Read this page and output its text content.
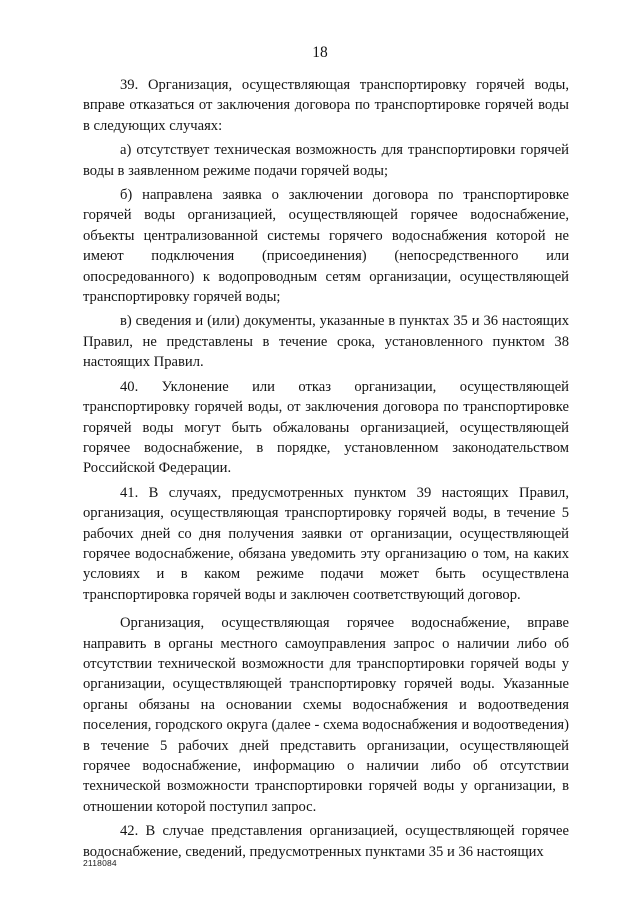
18

39. Организация, осуществляющая транспортировку горячей воды, вправе отказаться от заключения договора по транспортировке горячей воды в следующих случаях:

а) отсутствует техническая возможность для транспортировки горячей воды в заявленном режиме подачи горячей воды;

б) направлена заявка о заключении договора по транспортировке горячей воды организацией, осуществляющей горячее водоснабжение, объекты централизованной системы горячего водоснабжения которой не имеют подключения (присоединения) (непосредственного или опосредованного) к водопроводным сетям организации, осуществляющей транспортировку горячей воды;

в) сведения и (или) документы, указанные в пунктах 35 и 36 настоящих Правил, не представлены в течение срока, установленного пунктом 38 настоящих Правил.

40. Уклонение или отказ организации, осуществляющей транспортировку горячей воды, от заключения договора по транспортировке горячей воды могут быть обжалованы организацией, осуществляющей горячее водоснабжение, в порядке, установленном законодательством Российской Федерации.

41. В случаях, предусмотренных пунктом 39 настоящих Правил, организация, осуществляющая транспортировку горячей воды, в течение 5 рабочих дней со дня получения заявки от организации, осуществляющей горячее водоснабжение, обязана уведомить эту организацию о том, на каких условиях и в каком режиме подачи может быть осуществлена транспортировка горячей воды и заключен соответствующий договор.

Организация, осуществляющая горячее водоснабжение, вправе направить в органы местного самоуправления запрос о наличии либо об отсутствии технической возможности для транспортировки горячей воды у организации, осуществляющей транспортировку горячей воды. Указанные органы обязаны на основании схемы водоснабжения и водоотведения поселения, городского округа (далее - схема водоснабжения и водоотведения) в течение 5 рабочих дней представить организации, осуществляющей горячее водоснабжение, информацию о наличии либо об отсутствии технической возможности транспортировки горячей воды у организации, в отношении которой поступил запрос.

42. В случае представления организацией, осуществляющей горячее водоснабжение, сведений, предусмотренных пунктами 35 и 36 настоящих

2118084
